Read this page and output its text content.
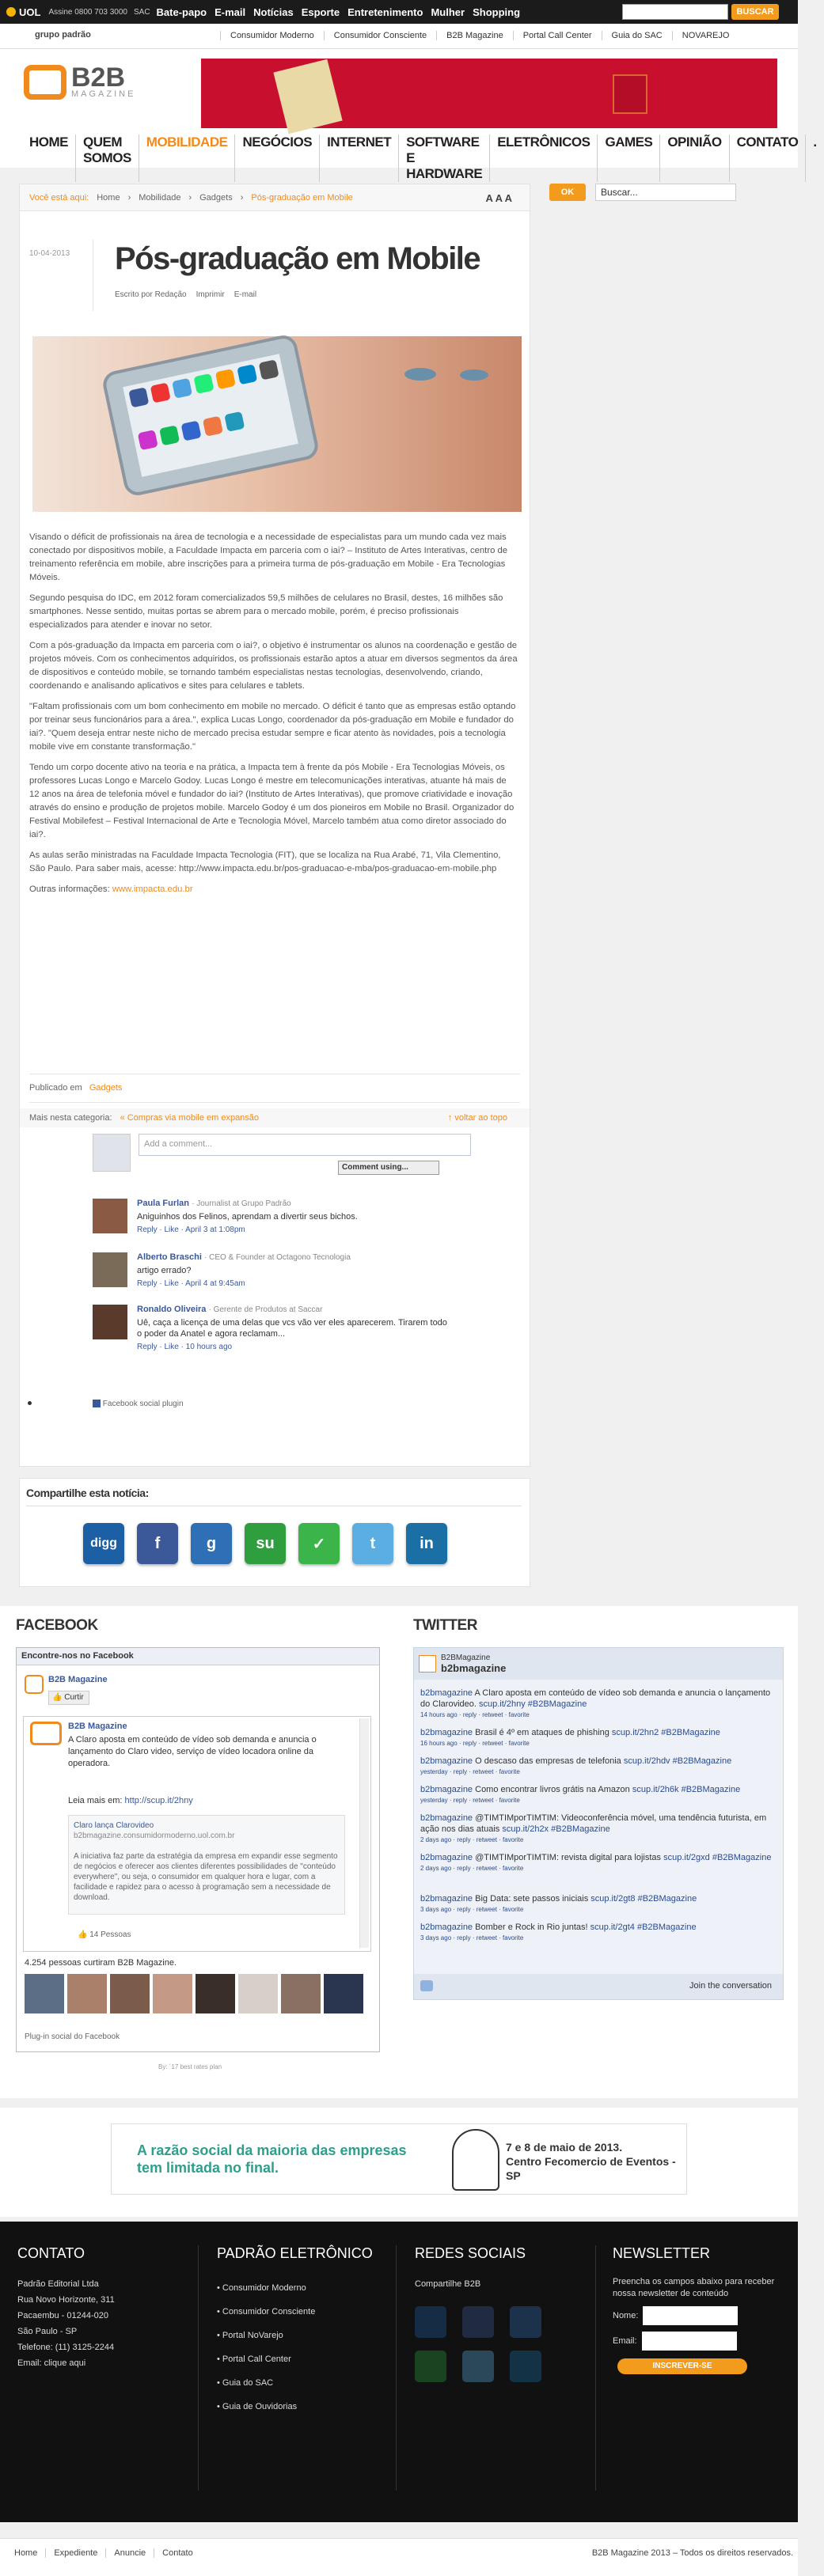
UOL Assine 0800 703 3000 SAC Bate-papo E-mail Notícias Esporte Entretenimento Mulher Shopping	BUSCAR
grupo padrão	Consumidor Moderno	Consumidor Consciente	B2B Magazine	Portal Call Center	Guia do SAC	NOVAREJO
B2B
MAGAZINE
HOME	QUEM SOMOS
MOBILIDADE	NEGÓCIOS	INTERNET	SOFTWARE E HARDWARE
ELETRÔNICOS	GAMES	OPINIÃO	CONTATO	.
OK	Buscar...
Você está aqui: Home › Mobilidade › Gadgets › Pós-graduação em Mobile	A A A
10-04-2013 Pós-graduação em Mobile
Escrito por Redação Imprimir E-mail

Visando o déficit de profissionais na área de tecnologia e a necessidade de especialistas para um mundo cada vez mais conectado por dispositivos mobile, a Faculdade Impacta em parceria com o iai? – Instituto de Artes Interativas, centro de treinamento referência em mobile, abre inscrições para a primeira turma de pós-graduação em Mobile - Era Tecnologias Móveis.

Segundo pesquisa do IDC, em 2012 foram comercializados 59,5 milhões de celulares no Brasil, destes, 16 milhões são smartphones. Nesse sentido, muitas portas se abrem para o mercado mobile, porém, é preciso profissionais especializados para atender e inovar no setor.

Com a pós-graduação da Impacta em parceria com o iai?, o objetivo é instrumentar os alunos na coordenação e gestão de projetos móveis. Com os conhecimentos adquiridos, os profissionais estarão aptos a atuar em diversos segmentos da área de dispositivos e conteúdo mobile, se tornando também especialistas nestas tecnologias, desenvolvendo, criando, coordenando e analisando aplicativos e sites para celulares e tablets.

"Faltam profissionais com um bom conhecimento em mobile no mercado. O déficit é tanto que as empresas estão optando por treinar seus funcionários para a área.", explica Lucas Longo, coordenador da pós-graduação em Mobile e fundador do iai?. "Quem deseja entrar neste nicho de mercado precisa estudar sempre e ficar atento às novidades, pois a tecnologia mobile vive em constante transformação."

Tendo um corpo docente ativo na teoria e na prática, a Impacta tem à frente da pós Mobile - Era Tecnologias Móveis, os professores Lucas Longo e Marcelo Godoy. Lucas Longo é mestre em telecomunicações interativas, atuante há mais de 12 anos na área de telefonia móvel e fundador do iai? (Instituto de Artes Interativas), que promove criatividade e inovação através do ensino e produção de projetos mobile. Marcelo Godoy é um dos pioneiros em Mobile no Brasil. Organizador do Festival Mobilefest – Festival Internacional de Arte e Tecnologia Móvel, Marcelo também atua como diretor associado do iai?.

As aulas serão ministradas na Faculdade Impacta Tecnologia (FIT), que se localiza na Rua Arabé, 71, Vila Clementino, São Paulo. Para saber mais, acesse: http://www.impacta.edu.br/pos-graduacao-e-mba/pos-graduacao-em-mobile.php

Outras informações: www.impacta.edu.br

Publicado em Gadgets
Mais nesta categoria: « Compras via mobile em expansão	↑ voltar ao topo
Add a comment...
Comment using...
Paula Furlan · Journalist at Grupo Padrão
Aniguinhos dos Felinos, aprendam a divertir seus bichos.
Reply · Like · April 3 at 1:08pm
Alberto Braschi · CEO & Founder at Octagono Tecnologia
artigo errado?
Reply · Like · April 4 at 9:45am
Ronaldo Oliveira · Gerente de Produtos at Saccar
Uê, caça a licença de uma delas que vcs vão ver eles aparecerem. Tirarem todo o poder da Anatel e agora reclamam...
Reply · Like · 10 hours ago
Facebook social plugin
Compartilhe esta notícia:
digg	f	g	su	✓	t	in
FACEBOOK
Encontre-nos no Facebook
B2B Magazine
👍 Curtir
B2B Magazine
A Claro aposta em conteúdo de vídeo sob demanda e anuncia o lançamento do Claro video, serviço de vídeo locadora online da operadora.
Leia mais em: http://scup.it/2hny
Claro lança Clarovideo
b2bmagazine.consumidormoderno.uol.com.br

A iniciativa faz parte da estratégia da empresa em expandir esse segmento de negócios e oferecer aos clientes diferentes possibilidades de "conteúdo everywhere", ou seja, o consumidor em qualquer hora e lugar, com a facilidade e rapidez para o acesso à programação sem a necessidade de download.
👍 14 Pessoas
4.254 pessoas curtiram B2B Magazine.
Plug-in social do Facebook
By: ´17 best rates plan
TWITTER
B2BMagazine
b2bmagazine
b2bmagazine A Claro aposta em conteúdo de vídeo sob demanda e anuncia o lançamento do Clarovideo. scup.it/2hny #B2BMagazine
14 hours ago · reply · retweet · favorite
b2bmagazine Brasil é 4º em ataques de phishing scup.it/2hn2 #B2BMagazine
16 hours ago · reply · retweet · favorite
b2bmagazine O descaso das empresas de telefonia scup.it/2hdv #B2BMagazine
yesterday · reply · retweet · favorite
b2bmagazine Como encontrar livros grátis na Amazon scup.it/2h6k #B2BMagazine
yesterday · reply · retweet · favorite
b2bmagazine @TIMTIMporTIMTIM: Videoconferência móvel, uma tendência futurista, em ação nos dias atuais scup.it/2h2x #B2BMagazine
2 days ago · reply · retweet · favorite
b2bmagazine @TIMTIMporTIMTIM: revista digital para lojistas scup.it/2gxd #B2BMagazine
2 days ago · reply · retweet · favorite
b2bmagazine Big Data: sete passos iniciais scup.it/2gt8 #B2BMagazine
3 days ago · reply · retweet · favorite
b2bmagazine Bomber e Rock in Rio juntas! scup.it/2gt4 #B2BMagazine
3 days ago · reply · retweet · favorite
Join the conversation
A razão social da maioria das empresas tem limitada no final.
7 e 8 de maio de 2013.
Centro Fecomercio de Eventos - SP
CONTATO
Padrão Editorial Ltda
Rua Novo Horizonte, 311
Pacaembu - 01244-020
São Paulo - SP
Telefone: (11) 3125-2244
Email: clique aqui
PADRÃO ELETRÔNICO
• Consumidor Moderno
• Consumidor Consciente
• Portal NoVarejo
• Portal Call Center
• Guia do SAC
• Guia de Ouvidorias
REDES SOCIAIS
Compartilhe B2B
NEWSLETTER
Preencha os campos abaixo para receber nossa newsletter de conteúdo
Nome:
Email:
INSCREVER-SE
Home	Expediente	Anuncie	Contato	B2B Magazine 2013 – Todos os direitos reservados.
